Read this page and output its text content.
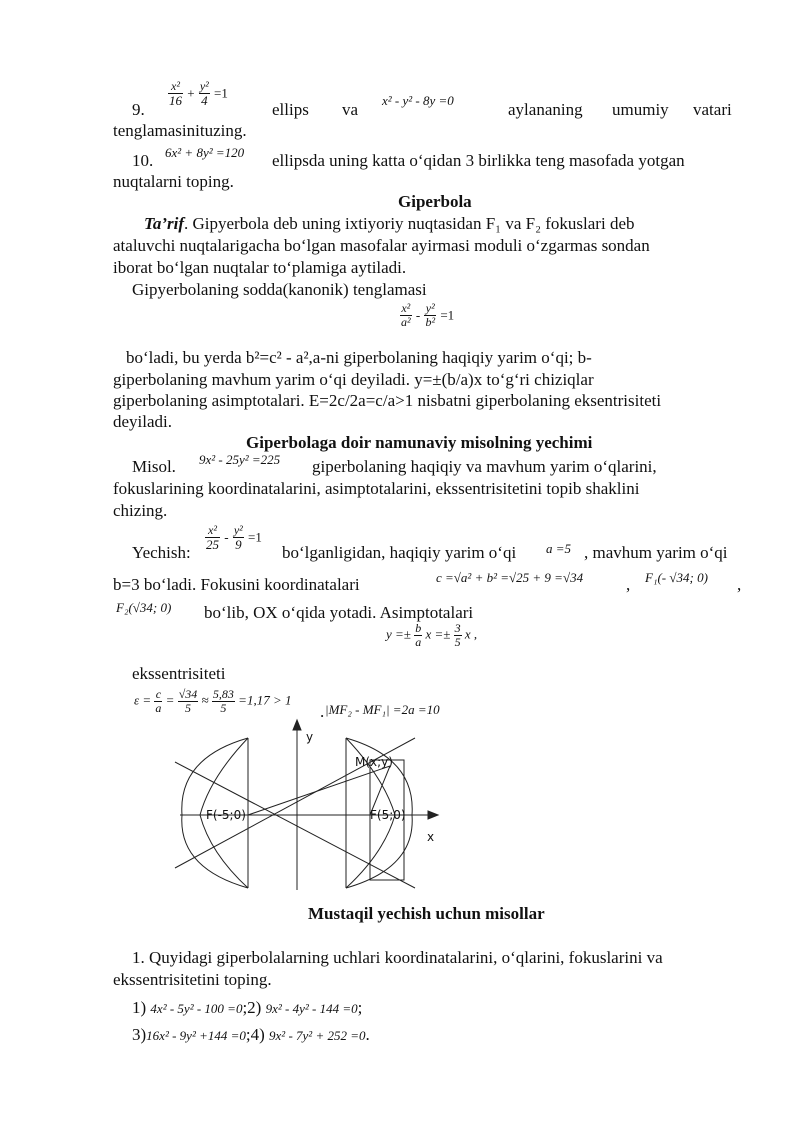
9.
$\frac{\text{x²}}{16} + \frac{\text{y²}}{4} =1$
ellips va x² - y² - 8y =0	aylananing umumiy vatari
tenglamasinituzing.
10. 6x² + 8y² =120 ellipsda uning katta o‘qidan 3 birlikka teng masofada yotgan
nuqtalarni toping.
Giperbola
Ta’rif. Gipyerbola deb uning ixtiyoriy nuqtasidan F₁ va F₂ fokuslari deb
ataluvchi nuqtalarigacha bo‘lgan masofalar ayirmasi moduli o‘zgarmas sondan
iborat bo‘lgan nuqtalar to‘plamiga aytiladi.
Gipyerbolaning sodda(kanonik) tenglamasi
$\frac{\text{x²}}{\text{a²}} - \frac{\text{y²}}{\text{b²}} =1$
bo‘ladi, bu yerda b²=c² - a²,a-ni giperbolaning haqiqiy yarim o‘qi; b-
giperbolaning mavhum yarim o‘qi deyiladi. y=±(b/a)x to‘g‘ri chiziqlar
giperbolaning asimptotalari. E=2c/2a=c/a>1 nisbatni giperbolaning eksentrisiteti
deyiladi.
Giperbolaga doir namunaviy misolning yechimi
Misol. 9x² - 25y² =225 giperbolaning haqiqiy va mavhum yarim o‘qlarini,
fokuslarining koordinatalarini, asimptotalarini, ekssentrisitetini topib shaklini
chizing.
Yechish:
$\frac{\text{x²}}{25} - \frac{\text{y²}}{9} =1$
bo‘lganligidan, haqiqiy yarim o‘qi a =5 , mavhum yarim o‘qi
b=3 bo‘ladi. Fokusini koordinatalari	c =√a² + b² =√25 + 9 =√34	, F₁(- √34; 0) ,
F₂(√34; 0) bo‘lib, OX o‘qida yotadi. Asimptotalari
$y =\pm \frac{b}{a}$ $x =\pm \frac{3}{5}$ x ,
ekssentrisiteti
$\varepsilon = \frac{c}{a} = \frac{√34}{5} \approx \frac{5,83}{5} =1,17 > 1$
. |MF₂ - MF₁| =2a =10
y
M(x;y)
F(-5;0)	F(5;0)
x
Mustaqil yechish uchun misollar
1. Quyidagi giperbolalarning uchlari koordinatalarini, o‘qlarini, fokuslarini va
ekssentrisitetini toping.
1) 4x² - 5y² - 100 =0;2) 9x² - 4y² - 144 =0;
3)16x² - 9y² +144 =0;4) 9x² - 7y² + 252 =0.
